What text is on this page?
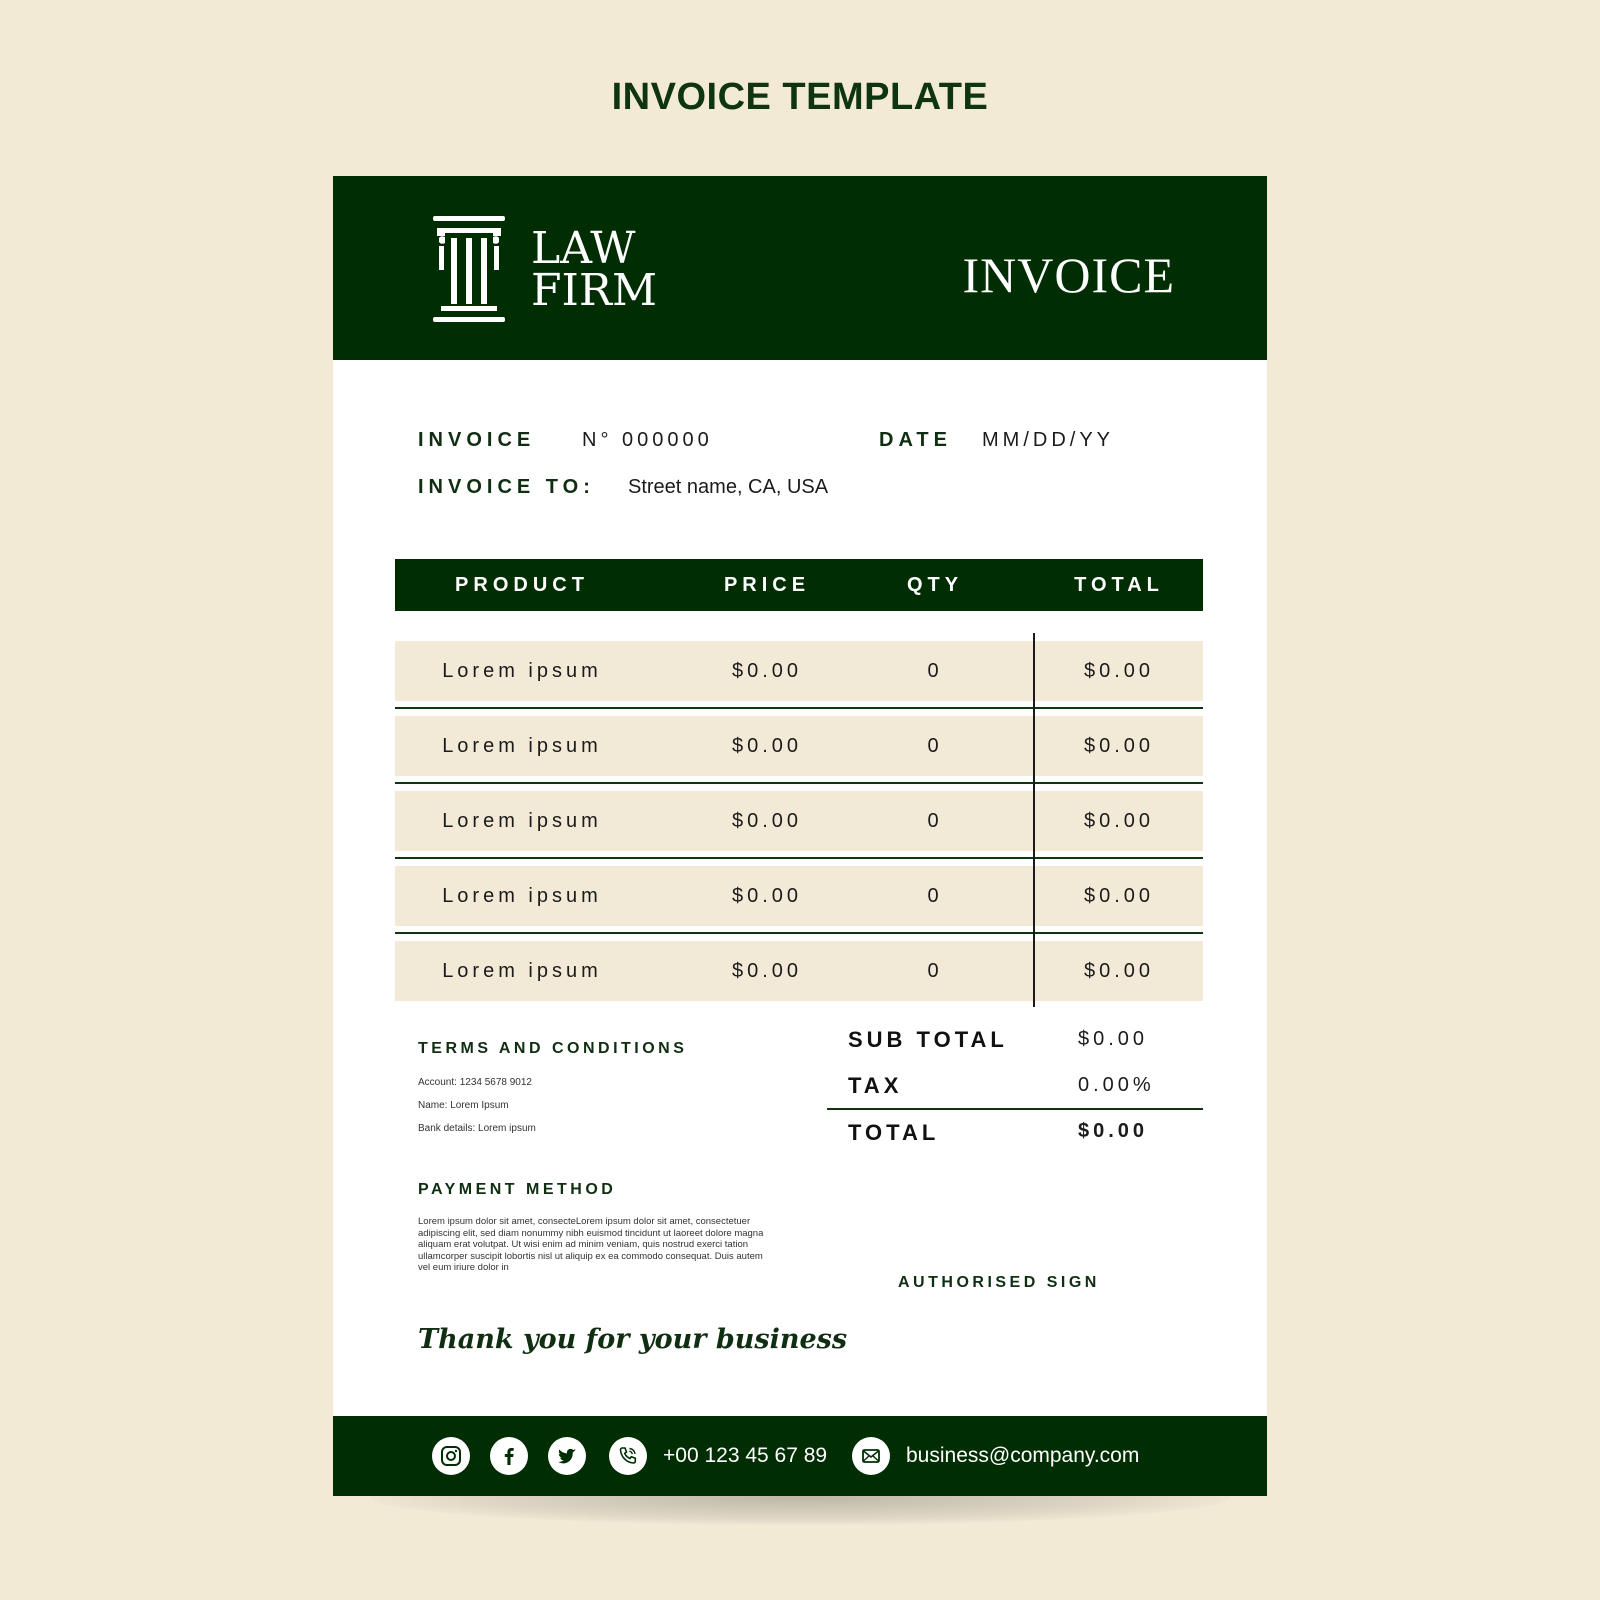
INVOICE TEMPLATE
LAW
FIRM	INVOICE
INVOICE N° 000000	DATE MM/DD/YY
INVOICE TO: Street name, CA, USA
PRODUCT	PRICE	QTY	TOTAL
Lorem ipsum	$0.00	0	$0.00
Lorem ipsum	$0.00	0	$0.00
Lorem ipsum	$0.00	0	$0.00
Lorem ipsum	$0.00	0	$0.00
Lorem ipsum	$0.00	0	$0.00
SUB TOTAL	$0.00
TAX	0.00%
TOTAL	$0.00
TERMS AND CONDITIONS
Account: 1234 5678 9012
Name: Lorem Ipsum
Bank details: Lorem ipsum
PAYMENT METHOD
Lorem ipsum dolor sit amet, consecteLorem ipsum dolor sit amet, consectetuer adipiscing elit, sed diam nonummy nibh euismod tincidunt ut laoreet dolore magna aliquam erat volutpat. Ut wisi enim ad minim veniam, quis nostrud exerci tation ullamcorper suscipit lobortis nisl ut aliquip ex ea commodo consequat. Duis autem vel eum iriure dolor in
AUTHORISED SIGN
Thank you for your business
+00 123 45 67 89	business@company.com
